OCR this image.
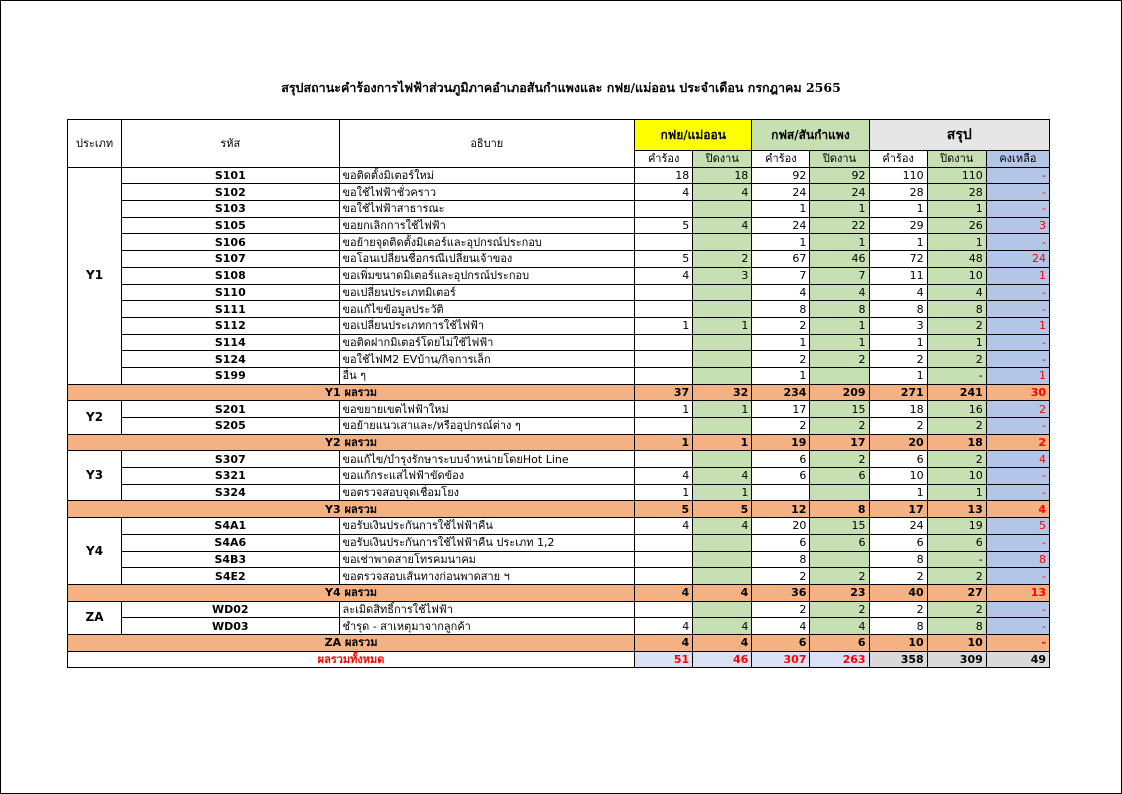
สรุปสถานะคำร้องการไฟฟ้าส่วนภูมิภาคอำเภอสันกำแพงและ กฟย/แม่ออน ประจำเดือน กรกฎาคม 2565
ประเภท	รหัส	อธิบาย	กฟย/แม่ออน		กฟส/สันกำแพง		สรุป		
			คำร้อง	ปิดงาน	คำร้อง	ปิดงาน	คำร้อง	ปิดงาน	คงเหลือ
Y1	S101	ขอติดตั้งมิเตอร์ใหม่	18	18	92	92	110	110	-
	S102	ขอใช้ไฟฟ้าชั่วคราว	4	4	24	24	28	28	-
	S103	ขอใช้ไฟฟ้าสาธารณะ			1	1	1	1	-
	S105	ขอยกเลิกการใช้ไฟฟ้า	5	4	24	22	29	26	3
	S106	ขอย้ายจุดติดตั้งมิเตอร์และอุปกรณ์ประกอบ			1	1	1	1	-
	S107	ขอโอนเปลี่ยนชื่อกรณีเปลี่ยนเจ้าของ	5	2	67	46	72	48	24
	S108	ขอเพิ่มขนาดมิเตอร์และอุปกรณ์ประกอบ	4	3	7	7	11	10	1
	S110	ขอเปลี่ยนประเภทมิเตอร์			4	4	4	4	-
	S111	ขอแก้ไขข้อมูลประวัติ			8	8	8	8	-
	S112	ขอเปลี่ยนประเภทการใช้ไฟฟ้า	1	1	2	1	3	2	1
	S114	ขอติดฝากมิเตอร์โดยไม่ใช้ไฟฟ้า			1	1	1	1	-
	S124	ขอใช้ไฟM2 EVบ้าน/กิจการเล็ก			2	2	2	2	-
	S199	อื่น ๆ			1		1	-	1
Y1 ผลรวม			37	32	234	209	271	241	30
Y2	S201	ขอขยายเขตไฟฟ้าใหม่	1	1	17	15	18	16	2
	S205	ขอย้ายแนวเสาและ/หรืออุปกรณ์ต่าง ๆ			2	2	2	2	-
Y2 ผลรวม			1	1	19	17	20	18	2
Y3	S307	ขอแก้ไข/บำรุงรักษาระบบจำหน่ายโดยHot Line			6	2	6	2	4
	S321	ขอแก้กระแสไฟฟ้าขัดข้อง	4	4	6	6	10	10	-
	S324	ขอตรวจสอบจุดเชื่อมโยง	1	1			1	1	-
Y3 ผลรวม			5	5	12	8	17	13	4
Y4	S4A1	ขอรับเงินประกันการใช้ไฟฟ้าคืน	4	4	20	15	24	19	5
	S4A6	ขอรับเงินประกันการใช้ไฟฟ้าคืน ประเภท 1,2			6	6	6	6	-
	S4B3	ขอเช่าพาดสายโทรคมนาคม			8		8	-	8
	S4E2	ขอตรวจสอบเส้นทางก่อนพาดสาย ฯ			2	2	2	2	-
Y4 ผลรวม			4	4	36	23	40	27	13
ZA	WD02	ละเมิดสิทธิ์การใช้ไฟฟ้า			2	2	2	2	-
	WD03	ชำรุด - สาเหตุมาจากลูกค้า	4	4	4	4	8	8	-
ZA ผลรวม			4	4	6	6	10	10	-
ผลรวมทั้งหมด			51	46	307	263	358	309	49
